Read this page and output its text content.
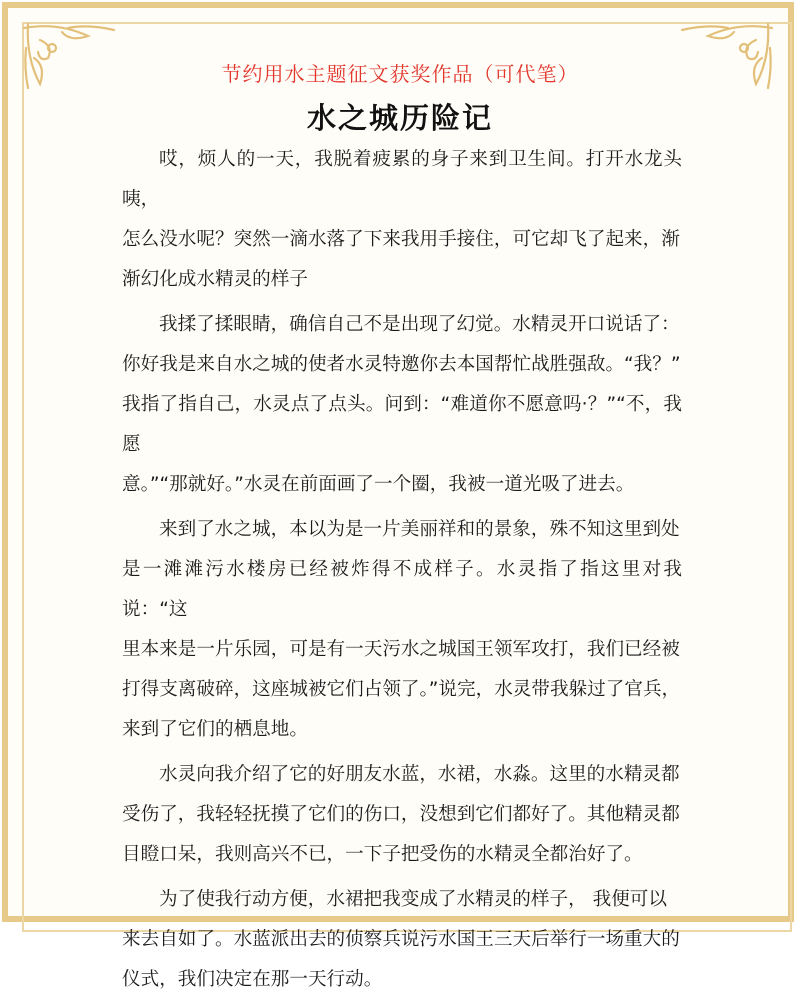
节约用水主题征文获奖作品（可代笔）
水之城历险记

哎，烦人的一天，我脱着疲累的身子来到卫生间。打开水龙头咦，
怎么没水呢？突然一滴水落了下来我用手接住，可它却飞了起来，渐
渐幻化成水精灵的样子

我揉了揉眼睛，确信自己不是出现了幻觉。水精灵开口说话了：
你好我是来自水之城的使者水灵特邀你去本国帮忙战胜强敌。“我？”
我指了指自己，水灵点了点头。问到：“难道你不愿意吗·？”“不，我愿
意。”“那就好。”水灵在前面画了一个圈，我被一道光吸了进去。

来到了水之城，本以为是一片美丽祥和的景象，殊不知这里到处
是一滩滩污水楼房已经被炸得不成样子。水灵指了指这里对我说：“这
里本来是一片乐园，可是有一天污水之城国王领军攻打，我们已经被
打得支离破碎，这座城被它们占领了。”说完，水灵带我躲过了官兵，
来到了它们的栖息地。

水灵向我介绍了它的好朋友水蓝，水裙，水淼。这里的水精灵都
受伤了，我轻轻抚摸了它们的伤口，没想到它们都好了。其他精灵都
目瞪口呆，我则高兴不已，一下子把受伤的水精灵全都治好了。

为了使我行动方便，水裙把我变成了水精灵的样子， 我便可以
来去自如了。水蓝派出去的侦察兵说污水国王三天后举行一场重大的
仪式，我们决定在那一天行动。
